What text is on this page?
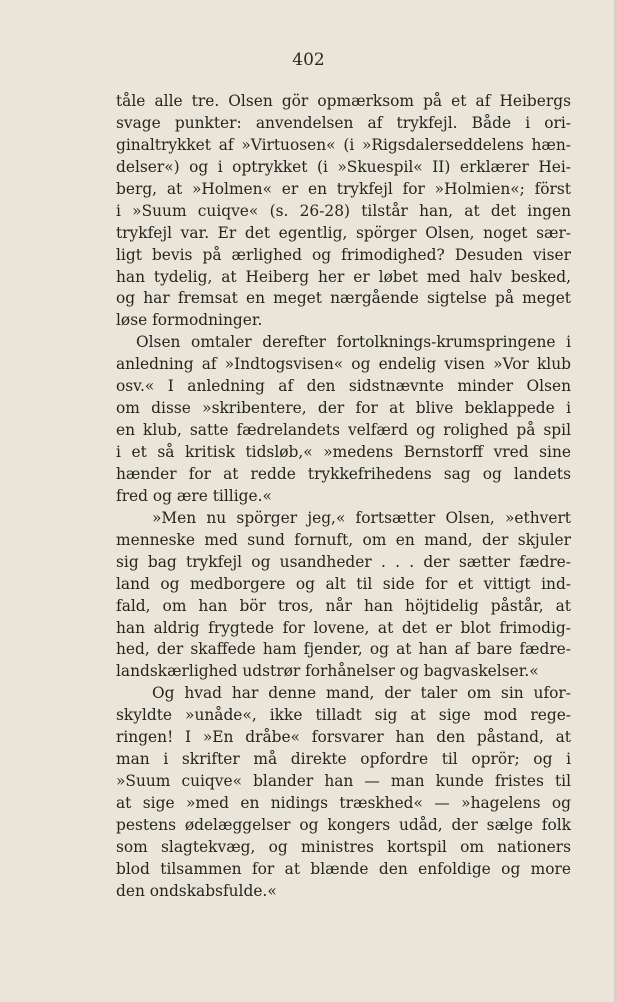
402
tåle alle tre. Olsen gör opmærksom på et af Heibergs
svage punkter: anvendelsen af trykfejl. Både i ori-
ginaltrykket af »Virtuosen« (i »Rigsdalerseddelens hæn-
delser«) og i optrykket (i »Skuespil« II) erklærer Hei-
berg, at »Holmen« er en trykfejl for »Holmien«; först
i »Suum cuiqve« (s. 26-28) tilstår han, at det ingen
trykfejl var. Er det egentlig, spörger Olsen, noget sær-
ligt bevis på ærlighed og frimodighed? Desuden viser
han tydelig, at Heiberg her er løbet med halv besked,
og har fremsat en meget nærgående sigtelse på meget
løse formodninger.
Olsen omtaler derefter fortolknings-krumspringene i
anledning af »Indtogsvisen« og endelig visen »Vor klub
osv.« I anledning af den sidstnævnte minder Olsen
om disse »skribentere, der for at blive beklappede i
en klub, satte fædrelandets velfærd og rolighed på spil
i et så kritisk tidsløb,« »medens Bernstorff vred sine
hænder for at redde trykkefrihedens sag og landets
fred og ære tillige.«
»Men nu spörger jeg,« fortsætter Olsen, »ethvert
menneske med sund fornuft, om en mand, der skjuler
sig bag trykfejl og usandheder . . . der sætter fædre-
land og medborgere og alt til side for et vittigt ind-
fald, om han bör tros, når han höjtidelig påstår, at
han aldrig frygtede for lovene, at det er blot frimodig-
hed, der skaffede ham fjender, og at han af bare fædre-
landskærlighed udstrør forhånelser og bagvaskelser.«
Og hvad har denne mand, der taler om sin ufor-
skyldte »unåde«, ikke tilladt sig at sige mod rege-
ringen! I »En dråbe« forsvarer han den påstand, at
man i skrifter må direkte opfordre til oprör; og i
»Suum cuiqve« blander han — man kunde fristes til
at sige »med en nidings træskhed« — »hagelens og
pestens ødelæggelser og kongers udåd, der sælge folk
som slagtekvæg, og ministres kortspil om nationers
blod tilsammen for at blænde den enfoldige og more
den ondskabsfulde.«
